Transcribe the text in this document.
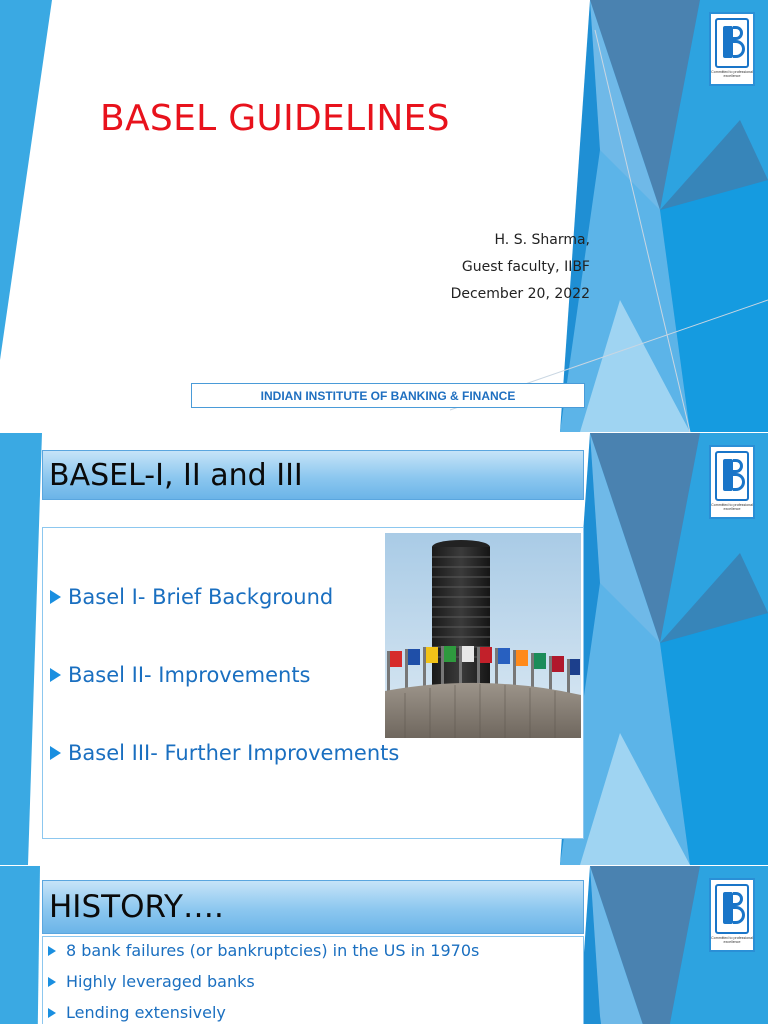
Committed to professional excellence
BASEL GUIDELINES
H. S. Sharma,
Guest faculty, IIBF
December 20, 2022
INDIAN INSTITUTE OF BANKING & FINANCE
Committed to professional excellence
BASEL-I, II and III
Basel I- Brief Background
Basel II- Improvements
Basel III- Further Improvements
Committed to professional excellence
HISTORY….
8 bank failures (or bankruptcies) in the US in 1970s
Highly leveraged banks
Lending extensively
